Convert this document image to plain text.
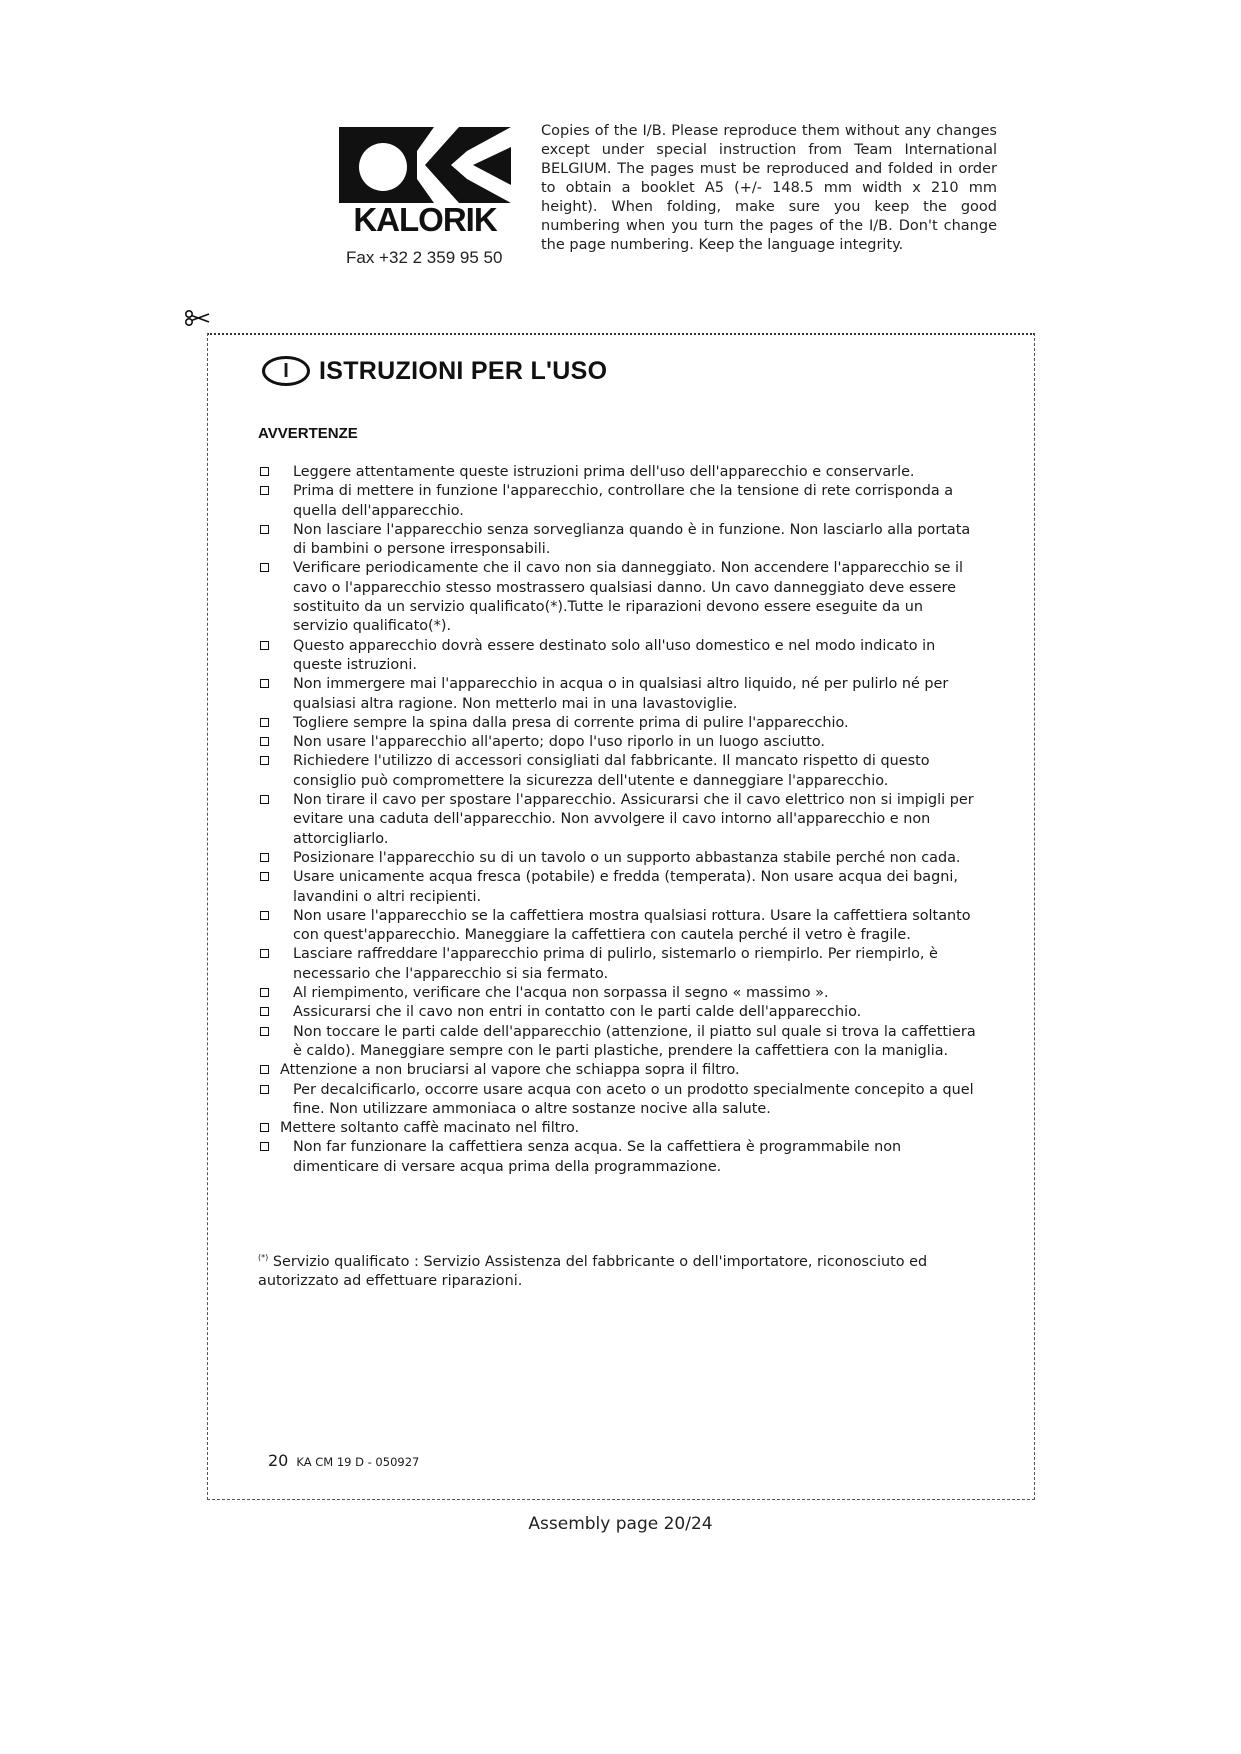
KALORIK
Fax +32 2 359 95 50
Copies of the I/B. Please reproduce them without any changes except under special instruction from Team International BELGIUM. The pages must be reproduced and folded in order to obtain a booklet A5 (+/- 148.5 mm width x 210 mm height). When folding, make sure you keep the good numbering when you turn the pages of the I/B. Don't change the page numbering. Keep the language integrity.
I	ISTRUZIONI PER L'USO
AVVERTENZE
Leggere attentamente queste istruzioni prima dell'uso dell'apparecchio e conservarle.
Prima di mettere in funzione l'apparecchio, controllare che la tensione di rete corrisponda a quella dell'apparecchio.
Non lasciare l'apparecchio senza sorveglianza quando è in funzione. Non lasciarlo alla portata di bambini o persone irresponsabili.
Verificare periodicamente che il cavo non sia danneggiato. Non accendere l'apparecchio se il cavo o l'apparecchio stesso mostrassero qualsiasi danno. Un cavo danneggiato deve essere sostituito da un servizio qualificato(*).Tutte le riparazioni devono essere eseguite da un servizio qualificato(*).
Questo apparecchio dovrà essere destinato solo all'uso domestico e nel modo indicato in queste istruzioni.
Non immergere mai l'apparecchio in acqua o in qualsiasi altro liquido, né per pulirlo né per qualsiasi altra ragione. Non metterlo mai in una lavastoviglie.
Togliere sempre la spina dalla presa di corrente prima di pulire l'apparecchio.
Non usare l'apparecchio all'aperto; dopo l'uso riporlo in un luogo asciutto.
Richiedere l'utilizzo di accessori consigliati dal fabbricante. Il mancato rispetto di questo consiglio può compromettere la sicurezza dell'utente e danneggiare l'apparecchio.
Non tirare il cavo per spostare l'apparecchio. Assicurarsi che il cavo elettrico non si impigli per evitare una caduta dell'apparecchio. Non avvolgere il cavo intorno all'apparecchio e non attorcigliarlo.
Posizionare l'apparecchio su di un tavolo o un supporto abbastanza stabile perché non cada.
Usare unicamente acqua fresca (potabile) e fredda (temperata). Non usare acqua dei bagni, lavandini o altri recipienti.
Non usare l'apparecchio se la caffettiera mostra qualsiasi rottura. Usare la caffettiera soltanto con quest'apparecchio. Maneggiare la caffettiera con cautela perché il vetro è fragile.
Lasciare raffreddare l'apparecchio prima di pulirlo, sistemarlo o riempirlo. Per riempirlo, è necessario che l'apparecchio si sia fermato.
Al riempimento, verificare che l'acqua non sorpassa il segno « massimo ».
Assicurarsi che il cavo non entri in contatto con le parti calde dell'apparecchio.
Non toccare le parti calde dell'apparecchio (attenzione, il piatto sul quale si trova la caffettiera è caldo). Maneggiare sempre con le parti plastiche, prendere la caffettiera con la maniglia.
Attenzione a non bruciarsi al vapore che schiappa sopra il filtro.
Per decalcificarlo, occorre usare acqua con aceto o un prodotto specialmente concepito a quel fine. Non utilizzare ammoniaca o altre sostanze nocive alla salute.
Mettere soltanto caffè macinato nel filtro.
Non far funzionare la caffettiera senza acqua. Se la caffettiera è programmabile non dimenticare di versare acqua prima della programmazione.
(*) Servizio qualificato : Servizio Assistenza del fabbricante o dell'importatore, riconosciuto ed autorizzato ad effettuare riparazioni.
20 KA CM 19 D - 050927
Assembly page 20/24
